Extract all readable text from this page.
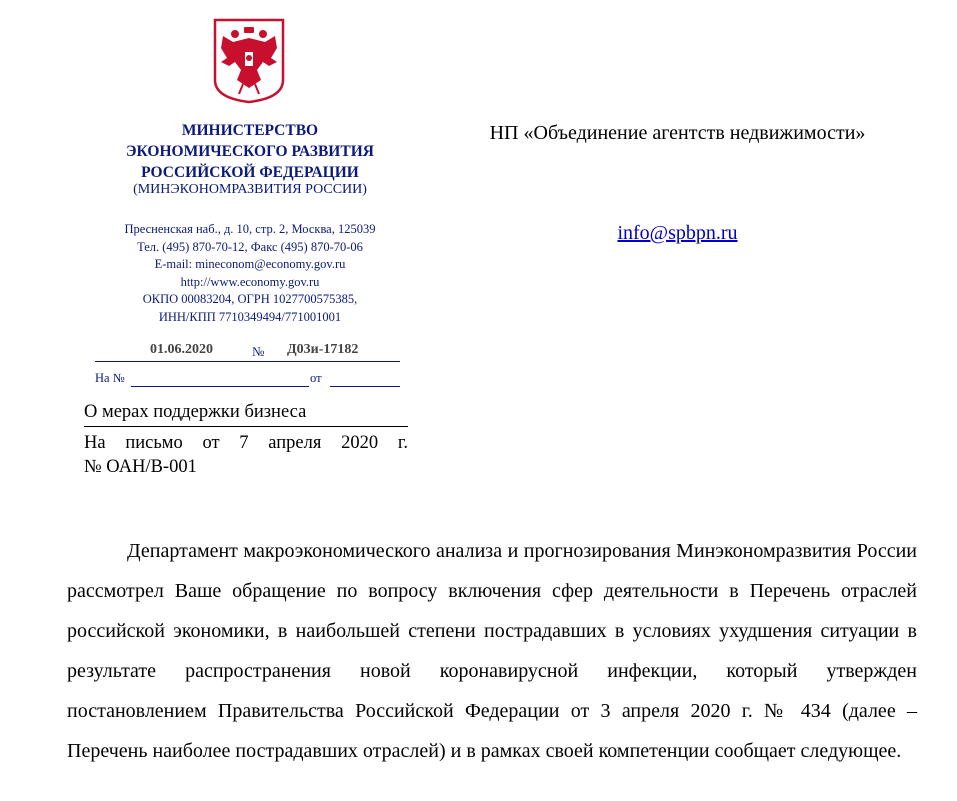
МИНИСТЕРСТВО
ЭКОНОМИЧЕСКОГО РАЗВИТИЯ
РОССИЙСКОЙ ФЕДЕРАЦИИ
(МИНЭКОНОМРАЗВИТИЯ РОССИИ)
Пресненская наб., д. 10, стр. 2, Москва, 125039
Тел. (495) 870-70-12, Факс (495) 870-70-06
E-mail: mineconom@economy.gov.ru
http://www.economy.gov.ru
ОКПО 00083204, ОГРН 1027700575385,
ИНН/КПП 7710349494/771001001
01.06.2020	№ Д03и-17182
На №	от
О мерах поддержки бизнеса
На письмо от 7 апреля 2020 г.
№ ОАН/В-001
НП «Объединение агентств недвижимости»
info@spbpn.ru

Департамент макроэкономического анализа и прогнозирования Минэкономразвития России рассмотрел Ваше обращение по вопросу включения сфер деятельности в Перечень отраслей российской экономики, в наибольшей степени пострадавших в условиях ухудшения ситуации в результате распространения новой коронавирусной инфекции, который утвержден постановлением Правительства Российской Федерации от 3 апреля 2020 г. № 434 (далее – Перечень наиболее пострадавших отраслей) и в рамках своей компетенции сообщает следующее.
